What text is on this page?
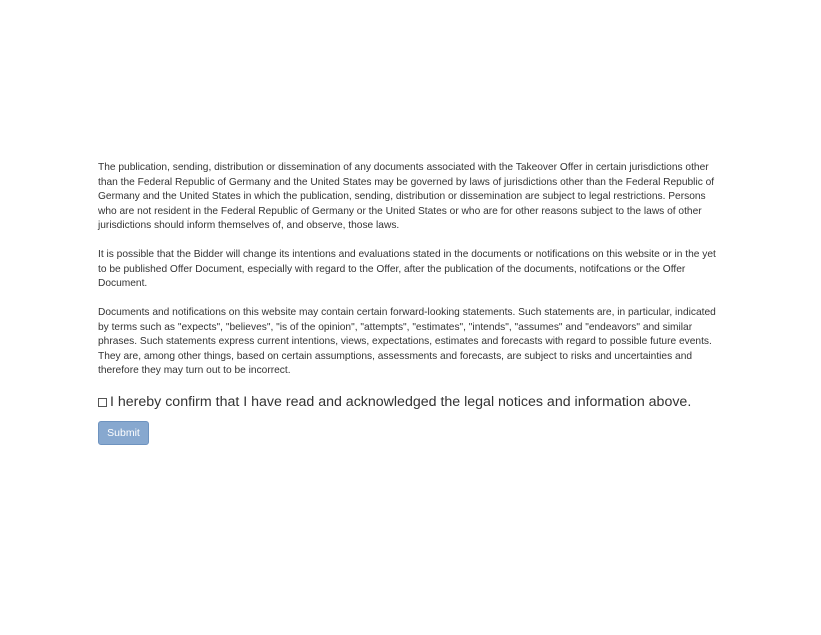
The publication, sending, distribution or dissemination of any documents associated with the Takeover Offer in certain jurisdictions other than the Federal Republic of Germany and the United States may be governed by laws of jurisdictions other than the Federal Republic of Germany and the United States in which the publication, sending, distribution or dissemination are subject to legal restrictions. Persons who are not resident in the Federal Republic of Germany or the United States or who are for other reasons subject to the laws of other jurisdictions should inform themselves of, and observe, those laws.

It is possible that the Bidder will change its intentions and evaluations stated in the documents or notifications on this website or in the yet to be published Offer Document, especially with regard to the Offer, after the publication of the documents, notifcations or the Offer Document.

Documents and notifications on this website may contain certain forward-looking statements. Such statements are, in particular, indicated by terms such as "expects", "believes", "is of the opinion", "attempts", "estimates", "intends", "assumes" and "endeavors" and similar phrases. Such statements express current intentions, views, expectations, estimates and forecasts with regard to possible future events. They are, among other things, based on certain assumptions, assessments and forecasts, are subject to risks and uncertainties and therefore they may turn out to be incorrect.

I hereby confirm that I have read and acknowledged the legal notices and information above.
Submit
